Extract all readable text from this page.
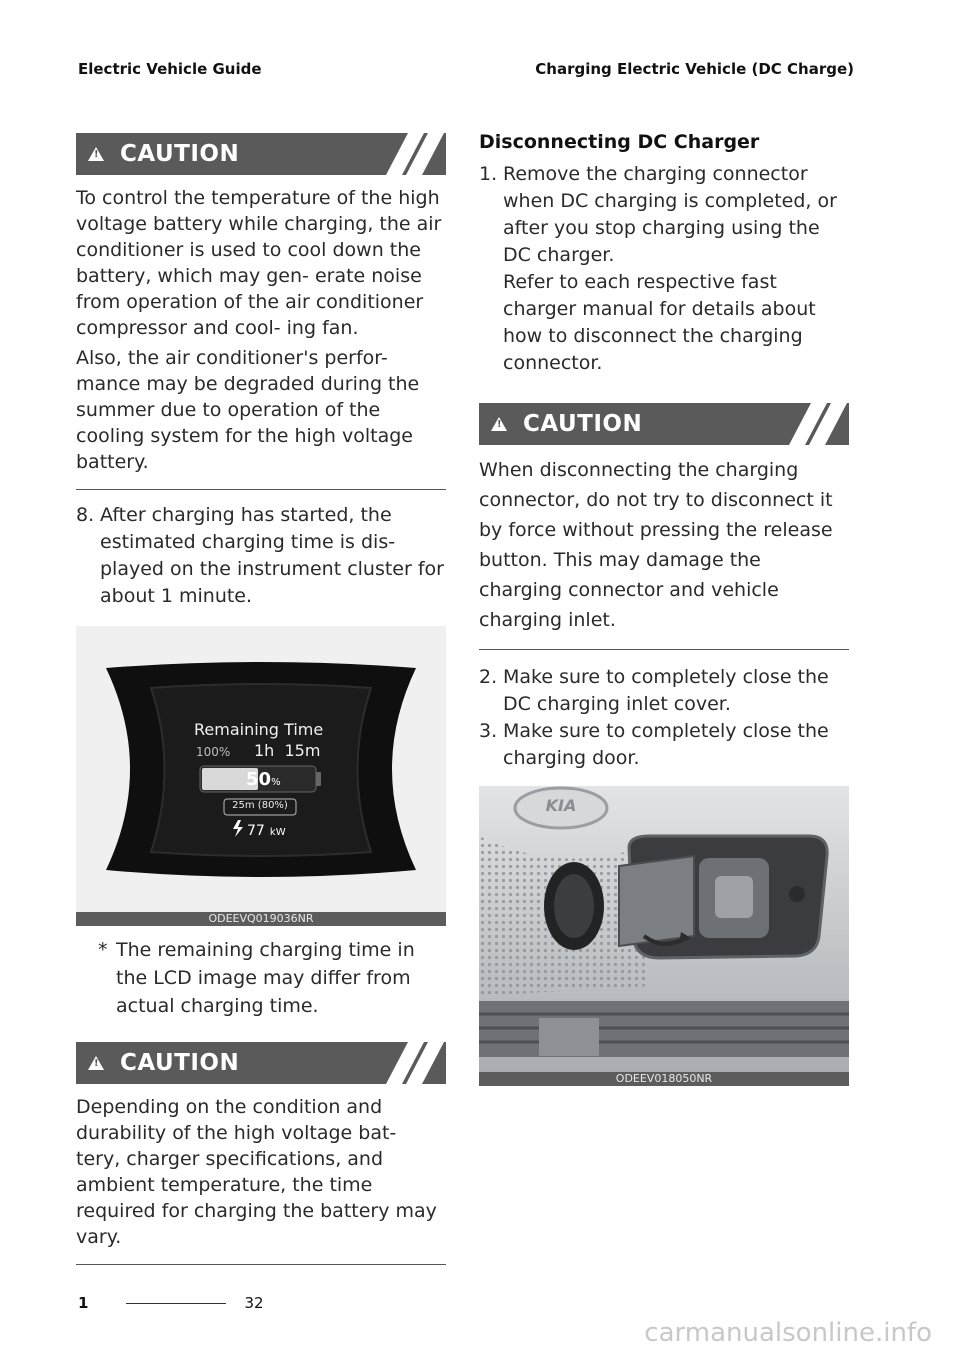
Electric Vehicle Guide	Charging Electric Vehicle (DC Charge)
!
CAUTION

To control the temperature of the high voltage battery while charging, the air conditioner is used to cool down the battery, which may gen- erate noise from operation of the air conditioner compressor and cool- ing fan.

Also, the air conditioner's perfor- mance may be degraded during the summer due to operation of the cooling system for the high voltage battery.

8. After charging has started, the estimated charging time is dis- played on the instrument cluster for about 1 minute.
Remaining Time
100% 1h  15m
50%
25m (80%)
77 kW
ODEEVQ019036NR
* The remaining charging time in the LCD image may differ from actual charging time.
!
CAUTION
Depending on the condition and durability of the high voltage bat- tery, charger specifications, and ambient temperature, the time required for charging the battery may vary.
Disconnecting DC Charger
1. Remove the charging connector when DC charging is completed, or after you stop charging using the DC charger.
Refer to each respective fast charger manual for details about how to disconnect the charging connector.
!
CAUTION
When disconnecting the charging connector, do not try to disconnect it by force without pressing the release button. This may damage the charging connector and vehicle charging inlet.
2. Make sure to completely close the DC charging inlet cover.
3. Make sure to completely close the charging door.
KIA
ODEEV018050NR
1	32
carmanualsonline.info
